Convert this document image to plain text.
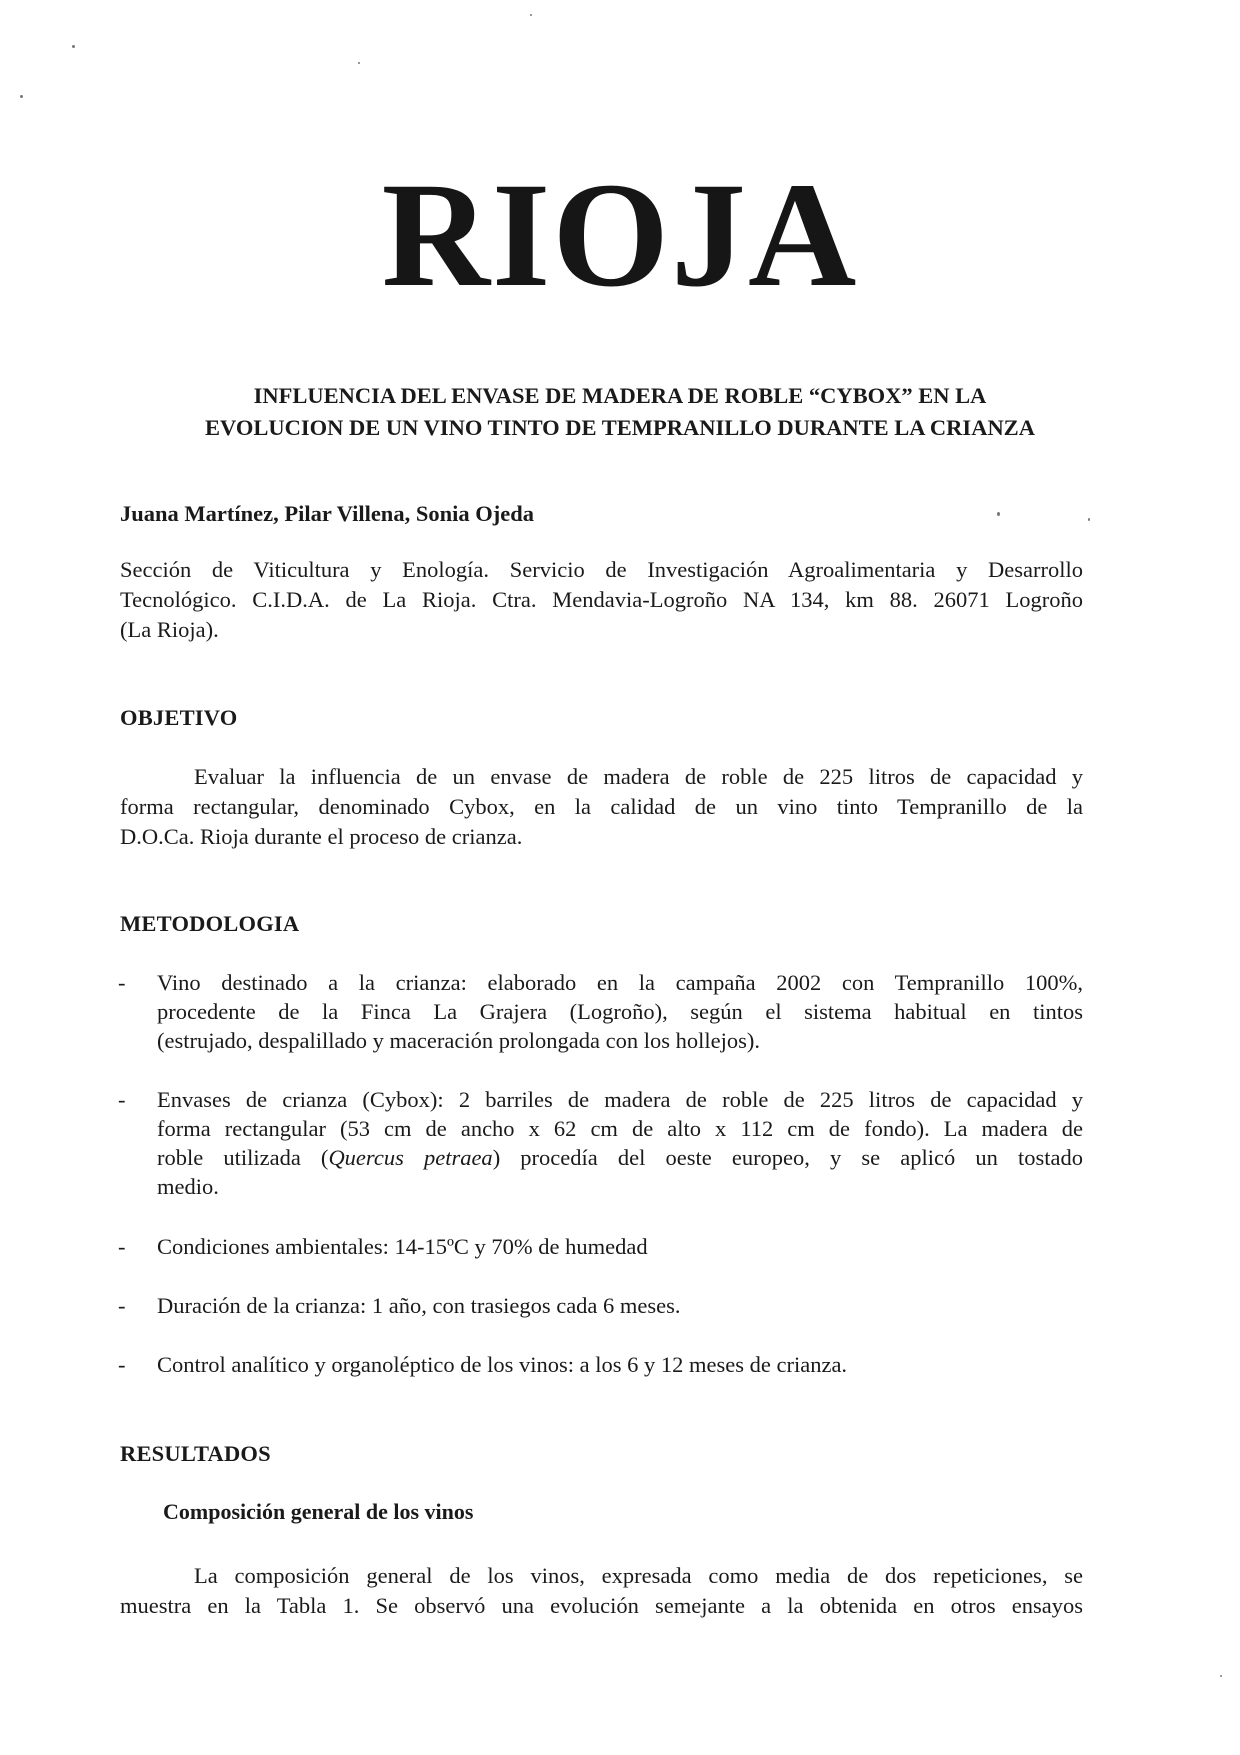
RIOJA
INFLUENCIA DEL ENVASE DE MADERA DE ROBLE “CYBOX” EN LA
EVOLUCION DE UN VINO TINTO DE TEMPRANILLO DURANTE LA CRIANZA
Juana Martínez, Pilar Villena, Sonia Ojeda
Sección de Viticultura y Enología. Servicio de Investigación Agroalimentaria y Desarrollo
Tecnológico. C.I.D.A. de La Rioja. Ctra. Mendavia-Logroño NA 134, km 88. 26071 Logroño
(La Rioja).
OBJETIVO
Evaluar la influencia de un envase de madera de roble de 225 litros de capacidad y
forma rectangular, denominado Cybox, en la calidad de un vino tinto Tempranillo de la
D.O.Ca. Rioja durante el proceso de crianza.
METODOLOGIA
- Vino destinado a la crianza: elaborado en la campaña 2002 con Tempranillo 100%,
procedente de la Finca La Grajera (Logroño), según el sistema habitual en tintos
(estrujado, despalillado y maceración prolongada con los hollejos).
- Envases de crianza (Cybox): 2 barriles de madera de roble de 225 litros de capacidad y
forma rectangular (53 cm de ancho x 62 cm de alto x 112 cm de fondo). La madera de
roble utilizada (Quercus petraea) procedía del oeste europeo, y se aplicó un tostado
medio.
- Condiciones ambientales: 14-15ºC y 70% de humedad
- Duración de la crianza: 1 año, con trasiegos cada 6 meses.
- Control analítico y organoléptico de los vinos: a los 6 y 12 meses de crianza.
RESULTADOS
Composición general de los vinos
La composición general de los vinos, expresada como media de dos repeticiones, se
muestra en la Tabla 1. Se observó una evolución semejante a la obtenida en otros ensayos
